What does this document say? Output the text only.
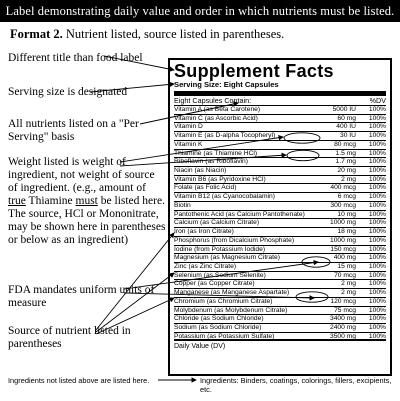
Label demonstrating daily value and order in which nutrients must be listed.
Format 2. Nutrient listed, source listed in parentheses.
Different title than food label
Serving size is designated
All nutrients listed on a "Per Serving" basis
Weight listed is weight of ingredient, not weight of source of ingredient. (e.g., amount of true Thiamine must be listed here. The source, HCl or Mononitrate, may be shown here in parentheses or below as an ingredient)
FDA mandates uniform units of measure
Source of nutrient listed in parentheses
Supplement Facts
Serving Size: Eight Capsules
Eight Capsules Contain:	%DV
Vitamin A (as Beta Carotene)	5000 IU	100%
Vitamin C (as Ascorbic Acid)	60 mg	100%
Vitamin D	400 IU	100%
Vitamin E (as D-alpha Tocopheryl)	30 IU	100%
Vitamin K	80 mcg	100%
Thiamine (as Thiamine HCl)	1.5 mg	100%
Riboflavin (as Riboflavin)	1.7 mg	100%
Niacin (as Niacin)	20 mg	100%
Vitamin B6 (as Pyridoxine HCl)	2 mg	100%
Folate (as Folic Acid)	400 mcg	100%
Vitamin B12 (as Cyanocobalamin)	6 mcg	100%
Biotin	300 mcg	100%
Pantothenic Acid (as Calcium Pantothenate)	10 mg	100%
Calcium (as Calcium Citrate)	1000 mg	100%
Iron (as Iron Citrate)	18 mg	100%
Phosphorus (from Dicalcium Phosphate)	1000 mg	100%
Iodine (from Potassium Iodide)	150 mcg	100%
Magnesium (as Magnesium Citrate)	400 mg	100%
Zinc (as Zinc Citrate)	15 mg	100%
Selenium (as Sodium Selenite)	70 mcg	100%
Copper (as Copper Citrate)	2 mg	100%
Manganese (as Manganese Aspartate)	2 mg	100%
Chromium (as Chromium Citrate)	120 mcg	100%
Molybdenum (as Molybdenum Citrate)	75 mcg	100%
Chloride (as Sodium Chloride)	3400 mg	100%
Sodium (as Sodium Chloride)	2400 mg	100%
Potassium (as Potassium Sulfate)	3500 mg	100%
Daily Value (DV)
Ingredients not listed above are listed here.	Ingredients: Binders, coatings, colorings, fillers, excipients, etc.
